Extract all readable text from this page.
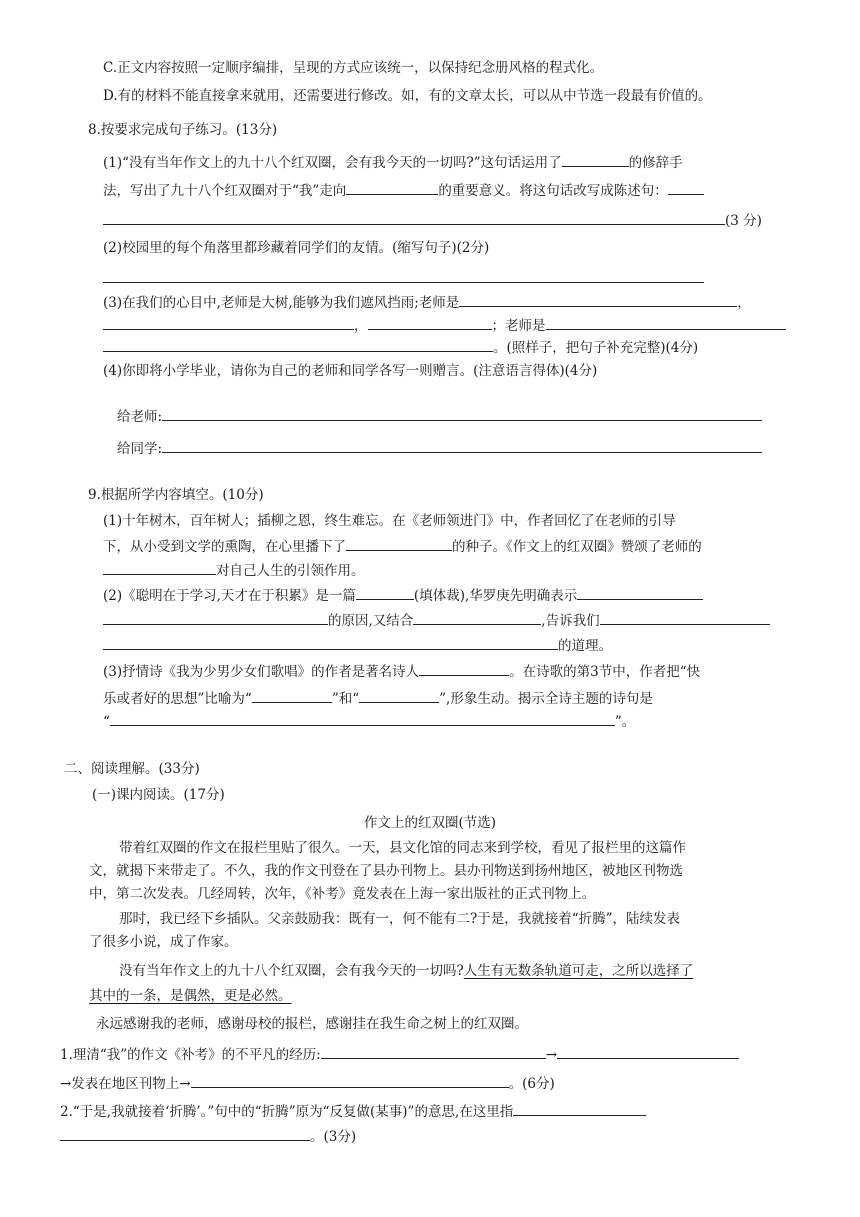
C.正文内容按照一定顺序编排，呈现的方式应该统一，以保持纪念册风格的程式化。
D.有的材料不能直接拿来就用，还需要进行修改。如，有的文章太长，可以从中节选一段最有价值的。
8.按要求完成句子练习。(13分)
(1)“没有当年作文上的九十八个红双圈，会有我今天的一切吗?”这句话运用了	的修辞手
法，写出了九十八个红双圈对于“我”走向	的重要意义。将这句话改写成陈述句：
(3 分)
(2)校园里的每个角落里都珍藏着同学们的友情。(缩写句子)(2分)
(3)在我们的心目中,老师是大树,能够为我们遮风挡雨;老师是	，
，	；老师是
。(照样子，把句子补充完整)(4分)
(4)你即将小学毕业，请你为自己的老师和同学各写一则赠言。(注意语言得体)(4分)
给老师:
给同学:
9.根据所学内容填空。(10分)
(1)十年树木，百年树人；插柳之恩，终生难忘。在《老师领进门》中，作者回忆了在老师的引导
下，从小受到文学的熏陶，在心里播下了	的种子。《作文上的红双圈》赞颂了老师的
对自己人生的引领作用。
(2)《聪明在于学习,天才在于积累》是一篇	(填体裁),华罗庚先明确表示
的原因,又结合	,告诉我们
的道理。
(3)抒情诗《我为少男少女们歌唱》的作者是著名诗人	。在诗歌的第3节中，作者把“快
乐或者好的思想”比喻为“	”和“	”,形象生动。揭示全诗主题的诗句是
“	”。
二、阅读理解。(33分)
(一)课内阅读。(17分)
作文上的红双圈(节选)
带着红双圈的作文在报栏里贴了很久。一天，县文化馆的同志来到学校，看见了报栏里的这篇作
文，就揭下来带走了。不久，我的作文刊登在了县办刊物上。县办刊物送到扬州地区，被地区刊物选
中，第二次发表。几经周转，次年，《补考》竟发表在上海一家出版社的正式刊物上。
那时，我已经下乡插队。父亲鼓励我：既有一，何不能有二?于是，我就接着“折腾”，陆续发表
了很多小说，成了作家。
没有当年作文上的九十八个红双圈，会有我今天的一切吗?人生有无数条轨道可走，之所以选择了
其中的一条，是偶然，更是必然。
永远感谢我的老师，感谢母校的报栏，感谢挂在我生命之树上的红双圈。
1.理清“我”的作文《补考》的不平凡的经历:	→
→发表在地区刊物上→	。(6分)
2.“于是,我就接着‘折腾’。”句中的“折腾”原为“反复做(某事)”的意思,在这里指
。(3分)
